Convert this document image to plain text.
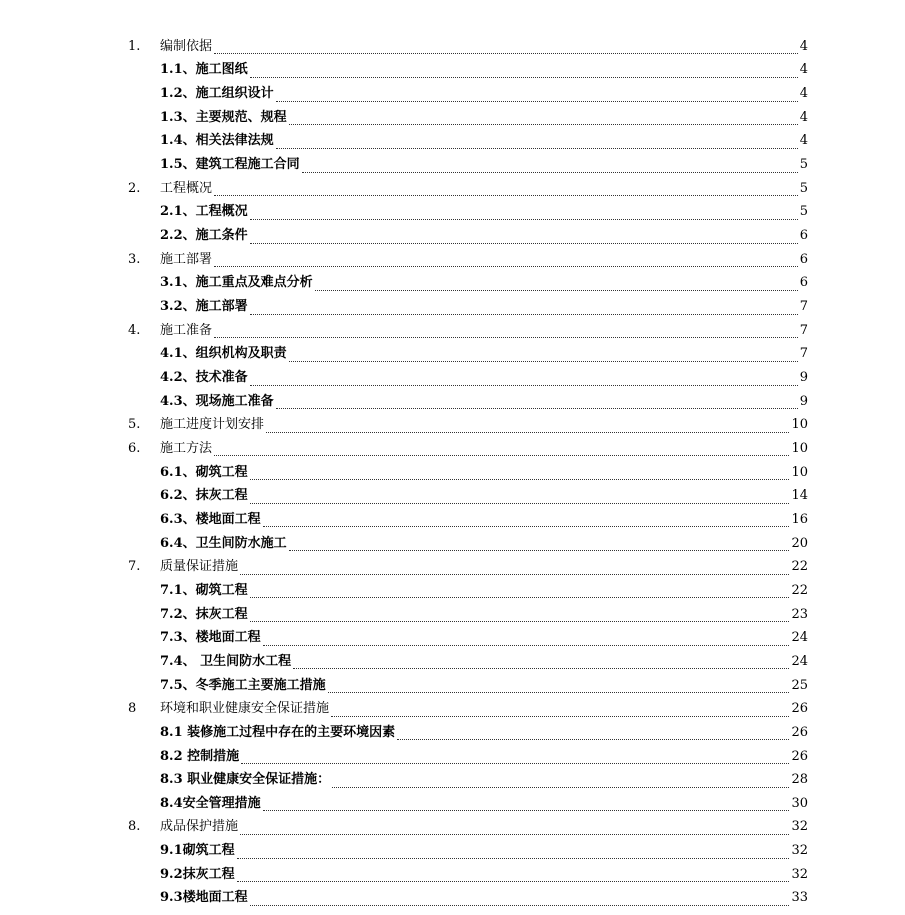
1.	编制依据	4
1.1、施工图纸	4
1.2、施工组织设计	4
1.3、主要规范、规程	4
1.4、相关法律法规	4
1.5、建筑工程施工合同	5
2.	工程概况	5
2.1、工程概况	5
2.2、施工条件	6
3.	施工部署	6
3.1、施工重点及难点分析	6
3.2、施工部署	7
4.	施工准备	7
4.1、组织机构及职责	7
4.2、技术准备	9
4.3、现场施工准备	9
5.	施工进度计划安排	10
6.	施工方法	10
6.1、砌筑工程	10
6.2、抹灰工程	14
6.3、楼地面工程	16
6.4、卫生间防水施工	20
7.	质量保证措施	22
7.1、砌筑工程	22
7.2、抹灰工程	23
7.3、楼地面工程	24
7.4、 卫生间防水工程	24
7.5、冬季施工主要施工措施	25
8	环境和职业健康安全保证措施	26
8.1 装修施工过程中存在的主要环境因素	26
8.2 控制措施	26
8.3 职业健康安全保证措施：	28
8.4安全管理措施	30
8.	成品保护措施	32
9.1砌筑工程	32
9.2抹灰工程	32
9.3楼地面工程	33
